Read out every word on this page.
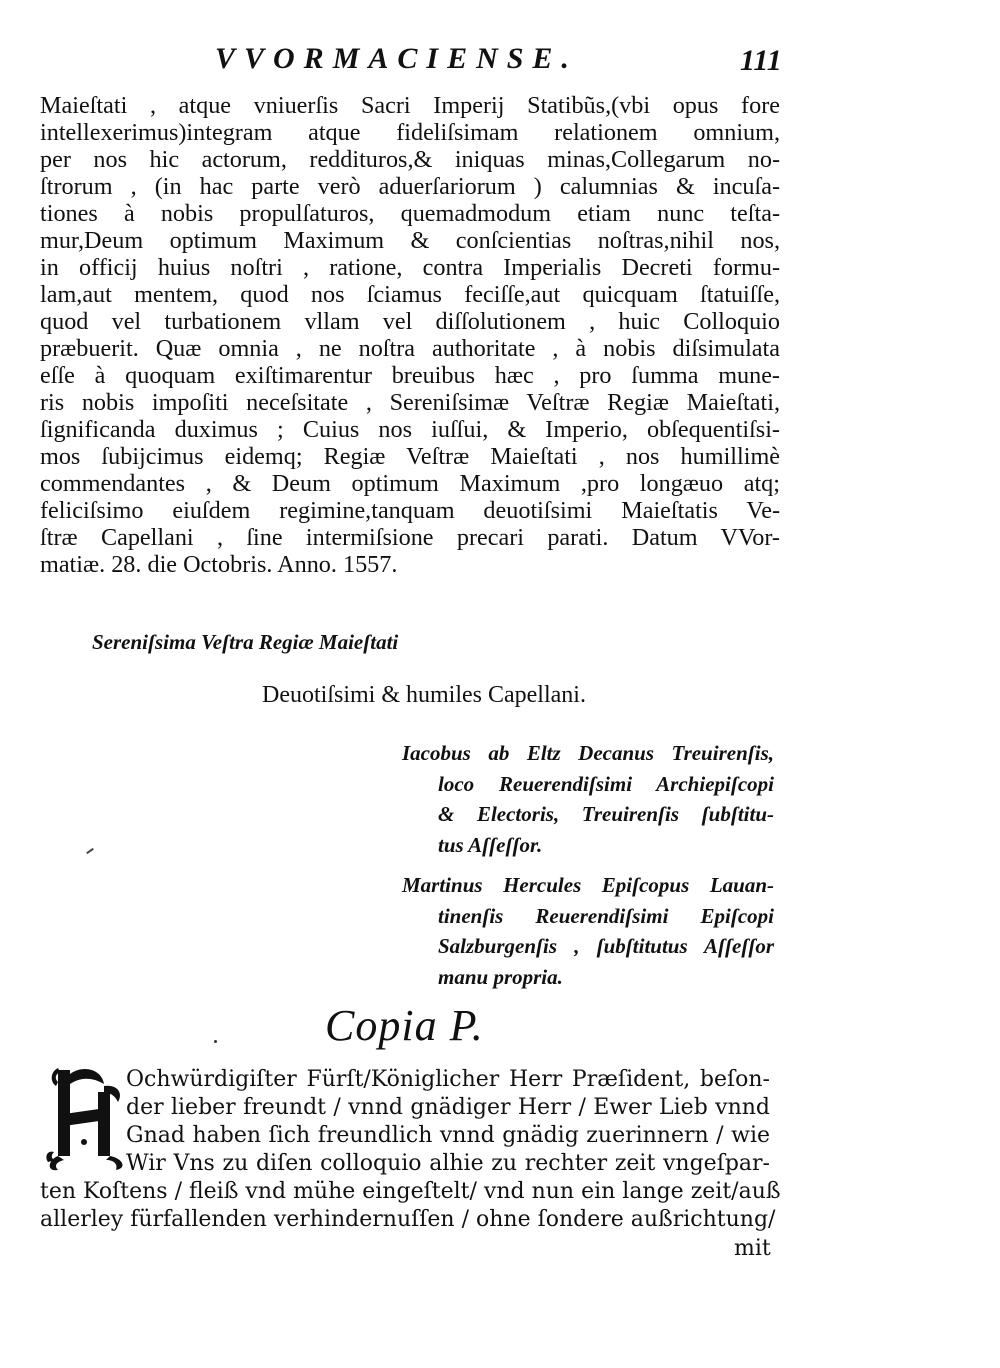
VVORMACIENSE.	111
Maieſtati , atque vniuerſis Sacri Imperij Statibũs,(vbi opus fore
intellexerimus)integram atque fideliſsimam relationem omnium,
per nos hic actorum, reddituros,& iniquas minas,Collegarum no-
ſtrorum , (in hac parte verò aduerſariorum ) calumnias & incuſa-
tiones à nobis propulſaturos, quemadmodum etiam nunc teſta-
mur,Deum optimum Maximum & conſcientias noſtras,nihil nos,
in officij huius noſtri , ratione, contra Imperialis Decreti formu-
lam,aut mentem, quod nos ſciamus feciſſe,aut quicquam ſtatuiſſe,
quod vel turbationem vllam vel diſſolutionem , huic Colloquio
præbuerit. Quæ omnia , ne noſtra authoritate , à nobis diſsimulata
eſſe à quoquam exiſtimarentur breuibus hæc , pro ſumma mune-
ris nobis impoſiti neceſsitate , Sereniſsimæ Veſtræ Regiæ Maieſtati,
ſignificanda duximus ; Cuius nos iuſſui, & Imperio, obſequentiſsi-
mos ſubijcimus eidemq; Regiæ Veſtræ Maieſtati , nos humillimè
commendantes , & Deum optimum Maximum ,pro longæuo atq;
feliciſsimo eiuſdem regimine,tanquam deuotiſsimi Maieſtatis Ve-
ſtræ Capellani , ſine intermiſsione precari parati. Datum VVor-
matiæ. 28. die Octobris. Anno. 1557.
Sereniſsima Veſtra Regiæ Maieſtati
Deuotiſsimi & humiles Capellani.
Iacobus ab Eltz Decanus Treuirenſis,
loco Reuerendiſsimi Archiepiſcopi
& Electoris, Treuirenſis ſubſtitu-
tus Aſſeſſor.
Martinus Hercules Epiſcopus Lauan-
tinenſis Reuerendiſsimi Epiſcopi
Salzburgenſis , ſubſtitutus Aſſeſſor
manu propria.
Copia P.
Ochwürdigiſter Fürſt/Königlicher Herr Præſident, beſon-
der lieber freundt / vnnd gnädiger Herr / Ewer Lieb vnnd
Gnad haben ſich freundlich vnnd gnädig zuerinnern / wie
Wir Vns zu diſen colloquio alhie zu rechter zeit vngeſpar-
ten Koſtens / fleiß vnd mühe eingeſtelt/ vnd nun ein lange zeit/auß
allerley fürfallenden verhindernuſſen / ohne ſondere außrichtung/
mit
